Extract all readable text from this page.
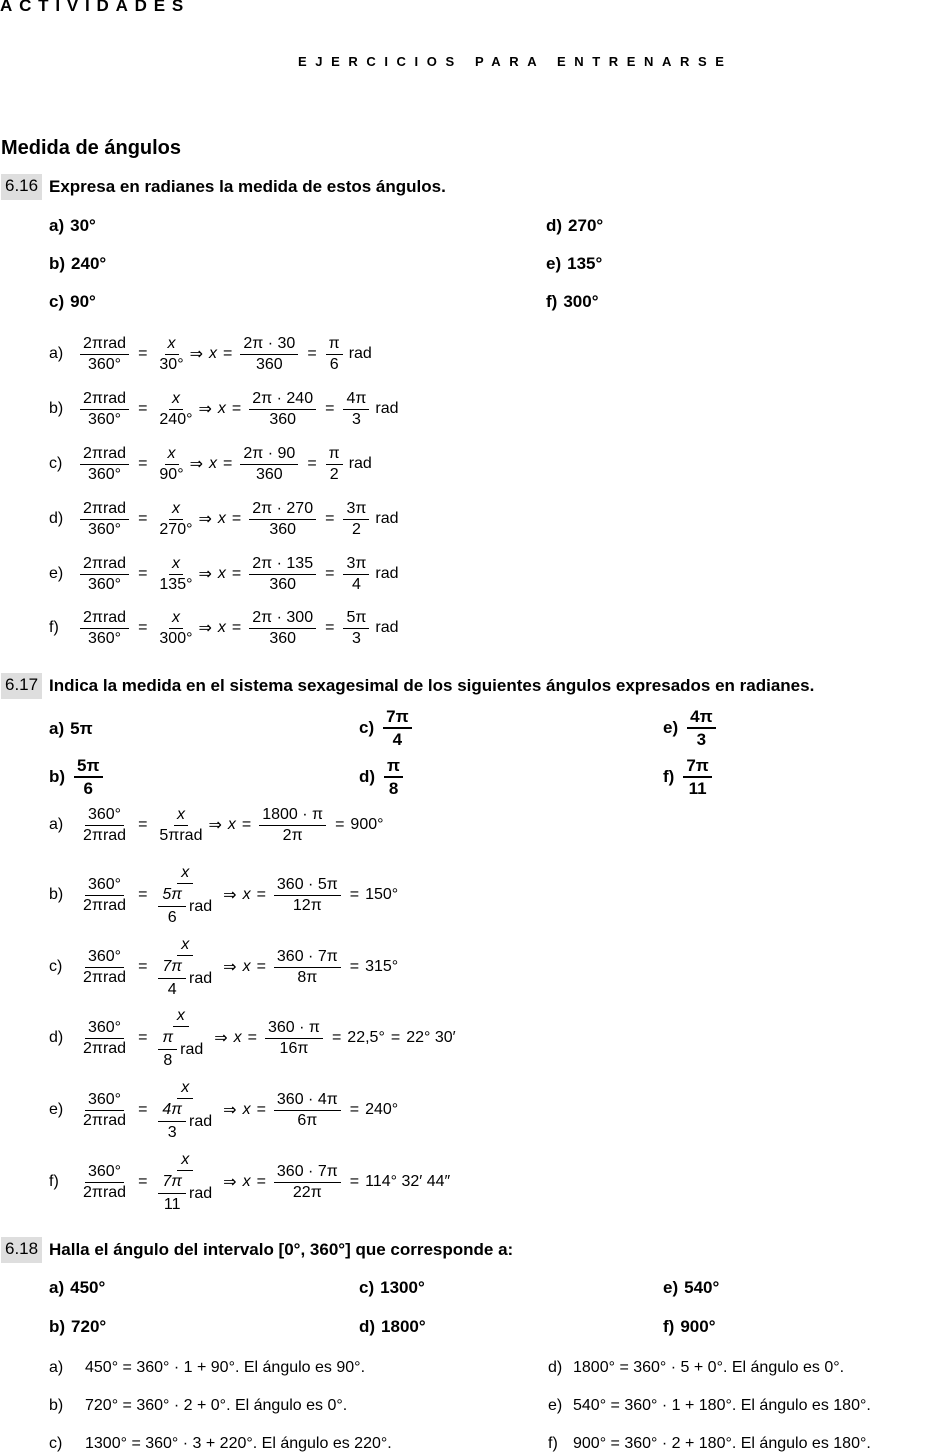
ACTIVIDADES
EJERCICIOS PARA ENTRENARSE
Medida de ángulos
6.16 Expresa en radianes la medida de estos ángulos.
a) 30°
b) 240°
c) 90°
d) 270°
e) 135°
f) 300°
a)	$\frac{\text{2πrad}}{360^\circ} = \frac{x}{30^\circ}$ ⇒ $x = \frac{2\pi \cdot 30}{360} = \frac{\pi}{6}$ rad
b)	$\frac{\text{2πrad}}{360^\circ} = \frac{x}{240^\circ}$ ⇒ $x = \frac{2\pi \cdot 240}{360} = \frac{4\pi}{3}$ rad
c)	$\frac{\text{2πrad}}{360^\circ} = \frac{x}{90^\circ}$ ⇒ $x = \frac{2\pi \cdot 90}{360} = \frac{\pi}{2}$ rad
d)	$\frac{\text{2πrad}}{360^\circ} = \frac{x}{270^\circ}$ ⇒ $x = \frac{2\pi \cdot 270}{360} = \frac{3\pi}{2}$ rad
e)	$\frac{\text{2πrad}}{360^\circ} = \frac{x}{135^\circ}$ ⇒ $x = \frac{2\pi \cdot 135}{360} = \frac{3\pi}{4}$ rad
f)	$\frac{\text{2πrad}}{360^\circ} = \frac{x}{300^\circ}$ ⇒ $x = \frac{2\pi \cdot 300}{360} = \frac{5\pi}{3}$ rad
6.17 Indica la medida en el sistema sexagesimal de los siguientes ángulos expresados en radianes.
a) 5π
$b) \frac{5\pi}{6}$
$c) \frac{7\pi}{4}$
$d) \frac{\pi}{8}$
$e) \frac{4\pi}{3}$
$f) \frac{7\pi}{11}$
a)	$\frac{360^\circ}{\text{2πrad}} = \frac{x}{\text{5πrad}}$ ⇒ $x = \frac{1800 \cdot \pi}{2\pi} = 900^\circ$
b)	$\frac{360^\circ}{\text{2πrad}}$ =
x
$\frac{5\pi}{6}$ rad
⇒ $x = \frac{360 \cdot 5\pi}{12\pi} = 150^\circ$
c)	$\frac{360^\circ}{\text{2πrad}}$ =
x
$\frac{7\pi}{4}$ rad
⇒ $x = \frac{360 \cdot 7\pi}{8\pi} = 315^\circ$
d)	$\frac{360^\circ}{\text{2πrad}}$ =
x
$\frac{\pi}{8}$ rad
⇒ $x = \frac{360 \cdot \pi}{16\pi} = 22,5^\circ = 22^\circ$ 30′
e)	$\frac{360^\circ}{\text{2πrad}}$ =
x
$\frac{4\pi}{3}$ rad
⇒ $x = \frac{360 \cdot 4\pi}{6\pi} = 240^\circ$
f)	$\frac{360^\circ}{\text{2πrad}}$ =
x
$\frac{7\pi}{11}$ rad
⇒ $x = \frac{360 \cdot 7\pi}{22\pi} = 114^\circ$ 32′ 44″
6.18 Halla el ángulo del intervalo [0°, 360°] que corresponde a:
a) 450°
b) 720°
c) 1300°
d) 1800°
e) 540°
f) 900°
a) 450° = 360° · 1 + 90°. El ángulo es 90°.
b) 720° = 360° · 2 + 0°. El ángulo es 0°.
c) 1300° = 360° · 3 + 220°. El ángulo es 220°.
d) 1800° = 360° · 5 + 0°. El ángulo es 0°.
e) 540° = 360° · 1 + 180°. El ángulo es 180°.
f) 900° = 360° · 2 + 180°. El ángulo es 180°.
